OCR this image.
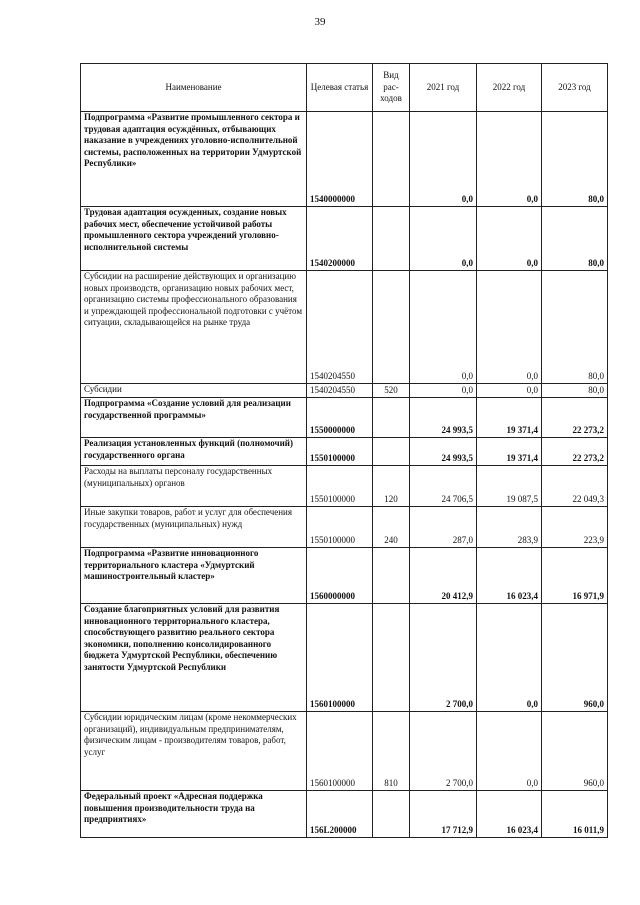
39
Наименование	Целевая статья	Вид рас-ходов	2021 год	2022 год	2023 год
Подпрограмма «Развитие промышленного сектора и трудовая адаптация осуждённых, отбывающих наказание в учреждениях уголовно-исполнительной системы, расположенных на территории Удмуртской Республики»	1540000000		0,0	0,0	80,0
Трудовая адаптация осужденных, создание новых рабочих мест, обеспечение устойчивой работы промышленного сектора учреждений уголовно-исполнительной системы	1540200000		0,0	0,0	80,0
Субсидии на расширение действующих и организацию новых производств, организацию новых рабочих мест, организацию системы профессионального образования и упреждающей профессиональной подготовки с учётом ситуации, складывающейся на рынке труда	1540204550		0,0	0,0	80,0
Субсидии	1540204550	520	0,0	0,0	80,0
Подпрограмма «Создание условий для реализации государственной программы»	1550000000		24 993,5	19 371,4	22 273,2
Реализация установленных функций (полномочий) государственного органа	1550100000		24 993,5	19 371,4	22 273,2
Расходы на выплаты персоналу государственных (муниципальных) органов	1550100000	120	24 706,5	19 087,5	22 049,3
Иные закупки товаров, работ и услуг для обеспечения государственных (муниципальных) нужд	1550100000	240	287,0	283,9	223,9
Подпрограмма «Развитие инновационного территориального кластера «Удмуртский машиностроительный кластер»	1560000000		20 412,9	16 023,4	16 971,9
Создание благоприятных условий для развития инновационного территориального кластера, способствующего развитию реального сектора экономики, пополнению консолидированного бюджета Удмуртской Республики, обеспечению занятости Удмуртской Республики	1560100000		2 700,0	0,0	960,0
Субсидии юридическим лицам (кроме некоммерческих организаций), индивидуальным предпринимателям, физическим лицам - производителям товаров, работ, услуг	1560100000	810	2 700,0	0,0	960,0
Федеральный проект «Адресная поддержка повышения производительности труда на предприятиях»	156L200000		17 712,9	16 023,4	16 011,9
